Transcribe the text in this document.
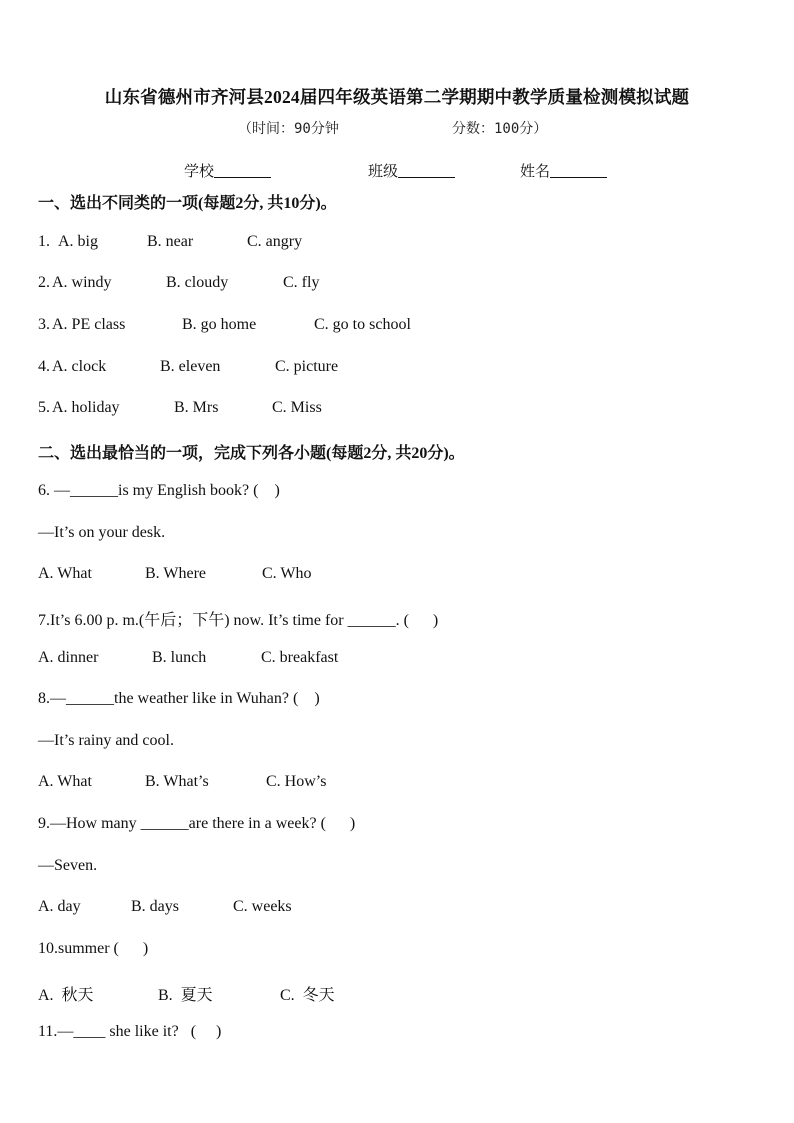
山东省德州市齐河县2024届四年级英语第二学期期中教学质量检测模拟试题
（时间：90分钟	分数：100分）
学校	班级	姓名
一、选出不同类的一项(每题2分, 共10分)。
1. A. big	B. near	C. angry
2. A. windy	B. cloudy	C. fly
3. A. PE class	B. go home	C. go to school
4. A. clock	B. eleven	C. picture
5. A. holiday	B. Mrs	C. Miss
二、选出最恰当的一项，完成下列各小题(每题2分, 共20分)。
6. —______is my English book? (    )
—It’s on your desk.
A. What	B. Where	C. Who
7.It’s 6.00 p. m.(午后；下午) now. It’s time for ______. (      )
A. dinner	B. lunch	C. breakfast
8.—______the weather like in Wuhan? (    )
—It’s rainy and cool.
A. What	B. What’s	C. How’s
9.—How many ______are there in a week? (      )
—Seven.
A. day	B. days	C. weeks
10.summer (      )
A.  秋天	B.  夏天	C.  冬天
11.—____ she like it?   (     )
